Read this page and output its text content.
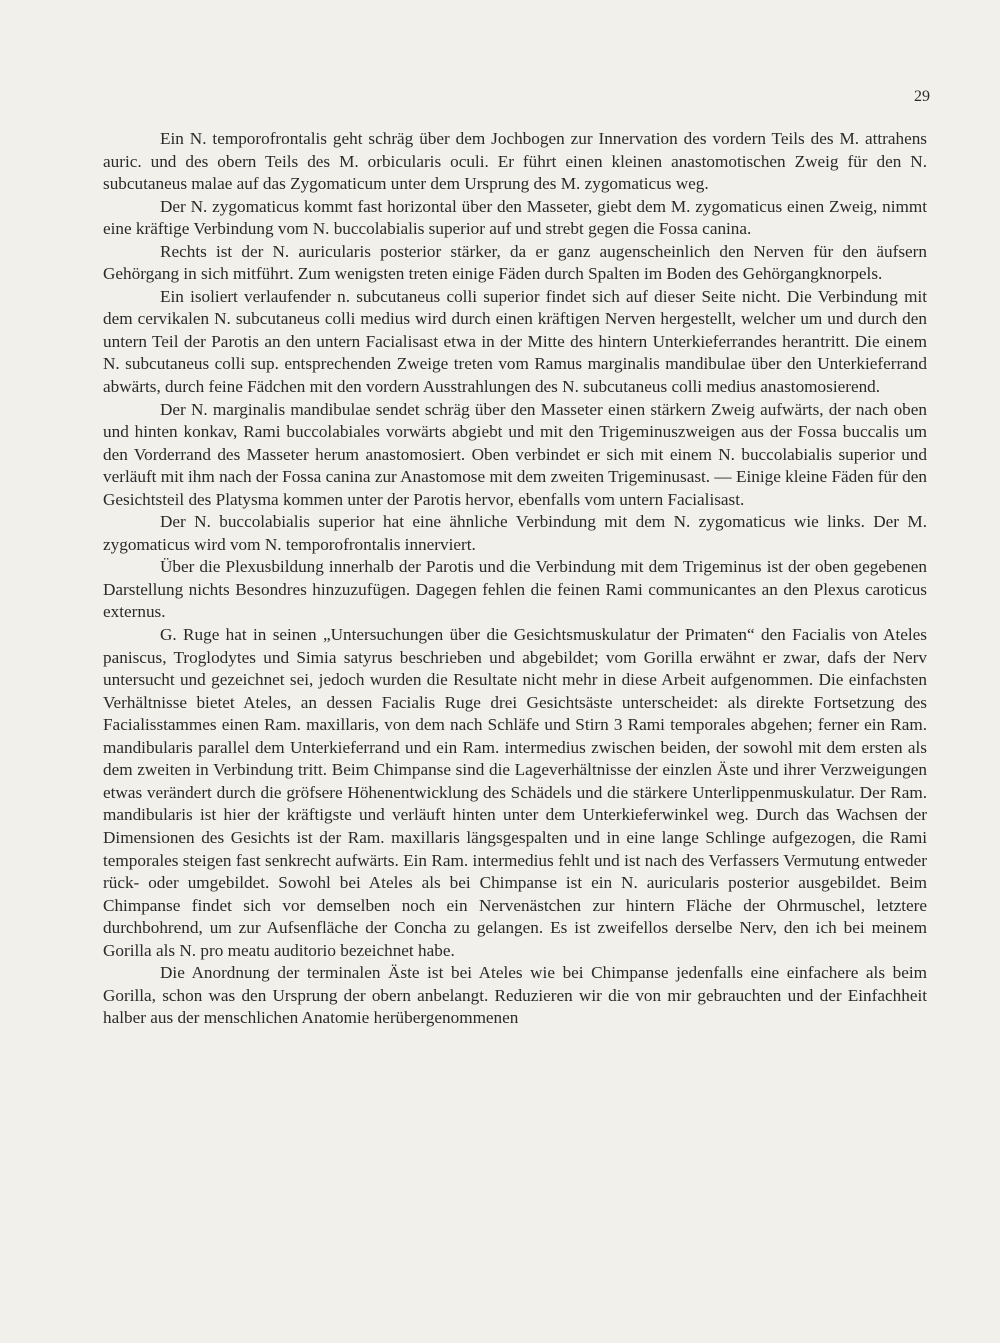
29

Ein N. temporofrontalis geht schräg über dem Jochbogen zur Innervation des vordern Teils des M. attrahens auric. und des obern Teils des M. orbicularis oculi. Er führt einen kleinen anastomotischen Zweig für den N. subcutaneus malae auf das Zygomaticum unter dem Ursprung des M. zygomaticus weg.

Der N. zygomaticus kommt fast horizontal über den Masseter, giebt dem M. zygomaticus einen Zweig, nimmt eine kräftige Verbindung vom N. buccolabialis superior auf und strebt gegen die Fossa canina.

Rechts ist der N. auricularis posterior stärker, da er ganz augenscheinlich den Nerven für den äufsern Gehörgang in sich mitführt. Zum wenigsten treten einige Fäden durch Spalten im Boden des Gehörgangknorpels.

Ein isoliert verlaufender n. subcutaneus colli superior findet sich auf dieser Seite nicht. Die Verbindung mit dem cervikalen N. subcutaneus colli medius wird durch einen kräftigen Nerven hergestellt, welcher um und durch den untern Teil der Parotis an den untern Facialisast etwa in der Mitte des hintern Unterkieferrandes herantritt. Die einem N. subcutaneus colli sup. entsprechenden Zweige treten vom Ramus marginalis mandibulae über den Unterkieferrand abwärts, durch feine Fädchen mit den vordern Ausstrahlungen des N. subcutaneus colli medius anastomosierend.

Der N. marginalis mandibulae sendet schräg über den Masseter einen stärkern Zweig aufwärts, der nach oben und hinten konkav, Rami buccolabiales vorwärts abgiebt und mit den Trigeminuszweigen aus der Fossa buccalis um den Vorderrand des Masseter herum anastomosiert. Oben verbindet er sich mit einem N. buccolabialis superior und verläuft mit ihm nach der Fossa canina zur Anastomose mit dem zweiten Trigeminusast. — Einige kleine Fäden für den Gesichtsteil des Platysma kommen unter der Parotis hervor, ebenfalls vom untern Facialisast.

Der N. buccolabialis superior hat eine ähnliche Verbindung mit dem N. zygomaticus wie links. Der M. zygomaticus wird vom N. temporofrontalis innerviert.

Über die Plexusbildung innerhalb der Parotis und die Verbindung mit dem Trigeminus ist der oben gegebenen Darstellung nichts Besondres hinzuzufügen. Dagegen fehlen die feinen Rami communicantes an den Plexus caroticus externus.

G. Ruge hat in seinen „Untersuchungen über die Gesichtsmuskulatur der Primaten“ den Facialis von Ateles paniscus, Troglodytes und Simia satyrus beschrieben und abgebildet; vom Gorilla erwähnt er zwar, dafs der Nerv untersucht und gezeichnet sei, jedoch wurden die Resultate nicht mehr in diese Arbeit aufgenommen. Die einfachsten Verhältnisse bietet Ateles, an dessen Facialis Ruge drei Gesichtsäste unterscheidet: als direkte Fortsetzung des Facialisstammes einen Ram. maxillaris, von dem nach Schläfe und Stirn 3 Rami temporales abgehen; ferner ein Ram. mandibularis parallel dem Unterkieferrand und ein Ram. intermedius zwischen beiden, der sowohl mit dem ersten als dem zweiten in Verbindung tritt. Beim Chimpanse sind die Lageverhältnisse der einzlen Äste und ihrer Verzweigungen etwas verändert durch die gröfsere Höhenentwicklung des Schädels und die stärkere Unterlippenmuskulatur. Der Ram. mandibularis ist hier der kräftigste und verläuft hinten unter dem Unterkieferwinkel weg. Durch das Wachsen der Dimensionen des Gesichts ist der Ram. maxillaris längsgespalten und in eine lange Schlinge aufgezogen, die Rami temporales steigen fast senkrecht aufwärts. Ein Ram. intermedius fehlt und ist nach des Verfassers Vermutung entweder rück- oder umgebildet. Sowohl bei Ateles als bei Chimpanse ist ein N. auricularis posterior ausgebildet. Beim Chimpanse findet sich vor demselben noch ein Nervenästchen zur hintern Fläche der Ohrmuschel, letztere durchbohrend, um zur Aufsenfläche der Concha zu gelangen. Es ist zweifellos derselbe Nerv, den ich bei meinem Gorilla als N. pro meatu auditorio bezeichnet habe.

Die Anordnung der terminalen Äste ist bei Ateles wie bei Chimpanse jedenfalls eine einfachere als beim Gorilla, schon was den Ursprung der obern anbelangt. Reduzieren wir die von mir gebrauchten und der Einfachheit halber aus der menschlichen Anatomie herübergenommenen
